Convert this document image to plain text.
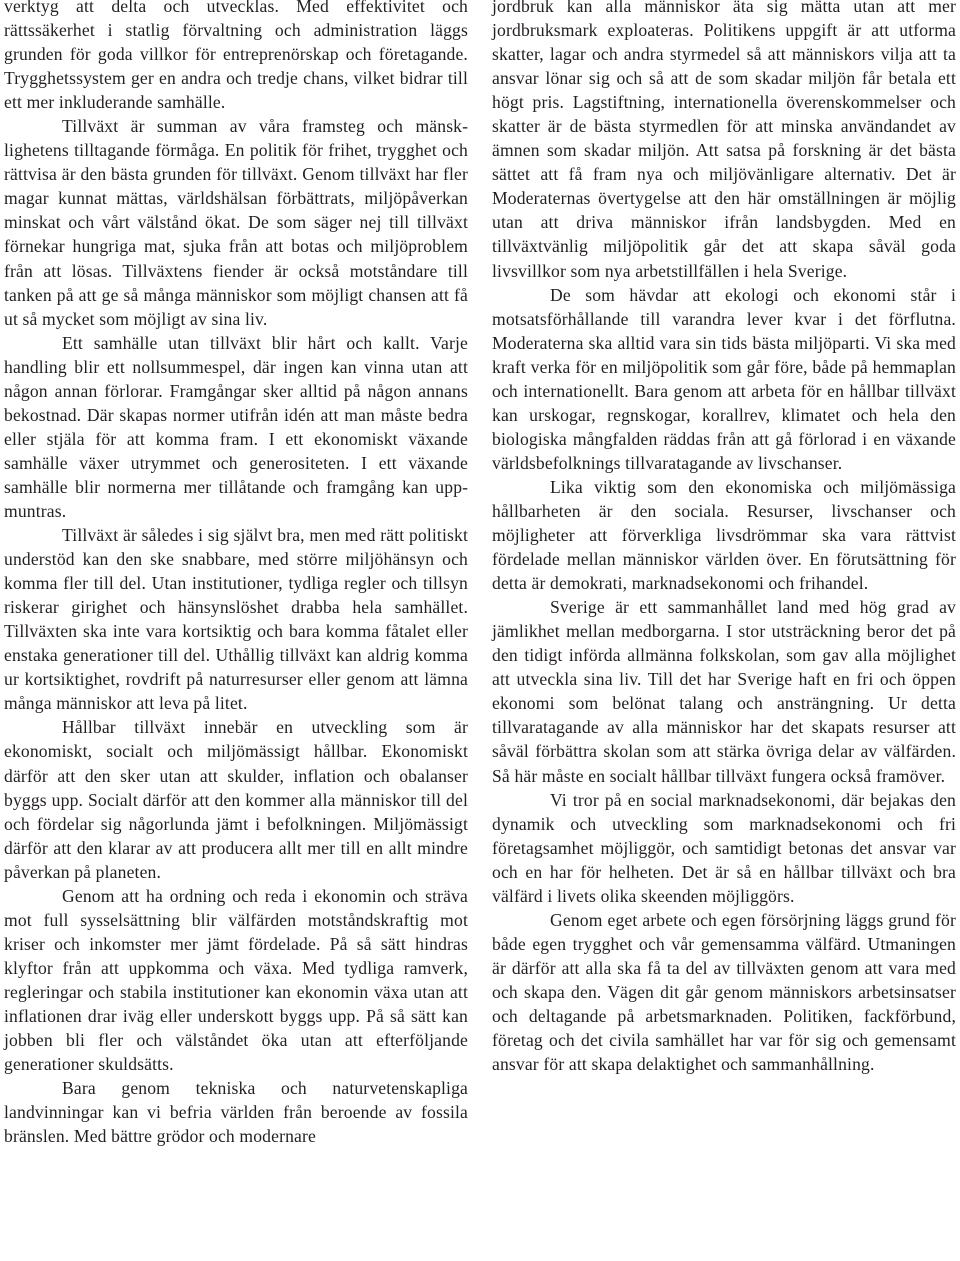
verktyg att delta och utvecklas. Med effektivitet och rättssäkerhet i statlig förvaltning och administration läggs grunden för goda villkor för entreprenörskap och företagande. Trygghetssystem ger en andra och tredje chans, vilket bidrar till ett mer inkluderande samhälle.

Tillväxt är summan av våra framsteg och mänsklighetens tilltagande förmåga. En politik för frihet, trygghet och rättvisa är den bästa grunden för tillväxt. Genom tillväxt har fler magar kunnat mättas, världshälsan förbättrats, miljöpåverkan minskat och vårt välstånd ökat. De som säger nej till tillväxt förnekar hungriga mat, sjuka från att botas och miljöproblem från att lösas. Tillväxtens fiender är också motståndare till tanken på att ge så många människor som möjligt chansen att få ut så mycket som möjligt av sina liv.

Ett samhälle utan tillväxt blir hårt och kallt. Varje handling blir ett nollsummespel, där ingen kan vinna utan att någon annan förlorar. Framgångar sker alltid på någon annans bekostnad. Där skapas normer utifrån idén att man måste bedra eller stjäla för att komma fram. I ett ekonomiskt växande samhälle växer utrymmet och generositeten. I ett växande samhälle blir normerna mer tillåtande och framgång kan uppmuntras.

Tillväxt är således i sig självt bra, men med rätt politiskt understöd kan den ske snabbare, med större miljöhänsyn och komma fler till del. Utan institutioner, tydliga regler och tillsyn riskerar girighet och hänsynslöshet drabba hela samhället. Tillväxten ska inte vara kortsiktig och bara komma fåtalet eller enstaka generationer till del. Uthållig tillväxt kan aldrig komma ur kortsiktighet, rovdrift på naturresurser eller genom att lämna många människor att leva på litet.

Hållbar tillväxt innebär en utveckling som är ekonomiskt, socialt och miljömässigt hållbar. Ekonomiskt därför att den sker utan att skulder, inflation och obalanser byggs upp. Socialt därför att den kommer alla människor till del och fördelar sig någorlunda jämt i befolkningen. Miljömässigt därför att den klarar av att producera allt mer till en allt mindre påverkan på planeten.

Genom att ha ordning och reda i ekonomin och sträva mot full sysselsättning blir välfärden motståndskraftig mot kriser och inkomster mer jämt fördelade. På så sätt hindras klyftor från att uppkomma och växa. Med tydliga ramverk, regleringar och stabila institutioner kan ekonomin växa utan att inflationen drar iväg eller underskott byggs upp. På så sätt kan jobben bli fler och välståndet öka utan att efterföljande generationer skuldsätts.

Bara genom tekniska och naturvetenskapliga landvinningar kan vi befria världen från beroende av fossila bränslen. Med bättre grödor och modernare

jordbruk kan alla människor äta sig mätta utan att mer jordbruksmark exploateras. Politikens uppgift är att utforma skatter, lagar och andra styrmedel så att människors vilja att ta ansvar lönar sig och så att de som skadar miljön får betala ett högt pris. Lagstiftning, internationella överenskommelser och skatter är de bästa styrmedlen för att minska användandet av ämnen som skadar miljön. Att satsa på forskning är det bästa sättet att få fram nya och miljövänligare alternativ. Det är Moderaternas övertygelse att den här omställningen är möjlig utan att driva människor ifrån landsbygden. Med en tillväxtvänlig miljöpolitik går det att skapa såväl goda livsvillkor som nya arbetstillfällen i hela Sverige.

De som hävdar att ekologi och ekonomi står i motsatsförhållande till varandra lever kvar i det förflutna. Moderaterna ska alltid vara sin tids bästa miljöparti. Vi ska med kraft verka för en miljöpolitik som går före, både på hemmaplan och internationellt. Bara genom att arbeta för en hållbar tillväxt kan urskogar, regnskogar, korallrev, klimatet och hela den biologiska mångfalden räddas från att gå förlorad i en växande världsbefolknings tillvaratagande av livschanser.

Lika viktig som den ekonomiska och miljömässiga hållbarheten är den sociala. Resurser, livschanser och möjligheter att förverkliga livsdrömmar ska vara rättvist fördelade mellan människor världen över. En förutsättning för detta är demokrati, marknadsekonomi och frihandel.

Sverige är ett sammanhållet land med hög grad av jämlikhet mellan medborgarna. I stor utsträckning beror det på den tidigt införda allmänna folkskolan, som gav alla möjlighet att utveckla sina liv. Till det har Sverige haft en fri och öppen ekonomi som belönat talang och ansträngning. Ur detta tillvaratagande av alla människor har det skapats resurser att såväl förbättra skolan som att stärka övriga delar av välfärden. Så här måste en socialt hållbar tillväxt fungera också framöver.

Vi tror på en social marknadsekonomi, där bejakas den dynamik och utveckling som marknadsekonomi och fri företagsamhet möjliggör, och samtidigt betonas det ansvar var och en har för helheten. Det är så en hållbar tillväxt och bra välfärd i livets olika skeenden möjliggörs.

Genom eget arbete och egen försörjning läggs grund för både egen trygghet och vår gemensamma välfärd. Utmaningen är därför att alla ska få ta del av tillväxten genom att vara med och skapa den. Vägen dit går genom människors arbetsinsatser och deltagande på arbetsmarknaden. Politiken, fackförbund, företag och det civila samhället har var för sig och gemensamt ansvar för att skapa delaktighet och sammanhållning.
